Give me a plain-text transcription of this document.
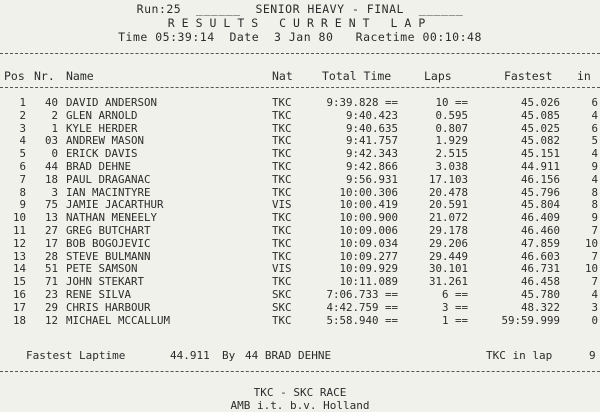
Run:25  ______  SENIOR HEAVY - FINAL  ______
RESULTS CURRENT LAP
Time 05:39:14  Date  3 Jan 80   Racetime 00:10:48
Pos Nr. Name	Nat	Total Time	Laps	Fastest in
1 40 DAVID ANDERSON	TKC	9:39.828 ==	10 ==	45.026	6
2 2 GLEN ARNOLD	TKC	9:40.423	0.595	45.085	4
3 1 KYLE HERDER	TKC	9:40.635	0.807	45.025	6
4 03 ANDREW MASON	TKC	9:41.757	1.929	45.082	5
5 0 ERICK DAVIS	TKC	9:42.343	2.515	45.151	4
6 44 BRAD DEHNE	TKC	9:42.866	3.038	44.911	9
7 18 PAUL DRAGANAC	TKC	9:56.931	17.103	46.156	4
8 3 IAN MACINTYRE	TKC	10:00.306	20.478	45.796	8
9 75 JAMIE JACARTHUR	VIS	10:00.419	20.591	45.804	8
10 13 NATHAN MENEELY	TKC	10:00.900	21.072	46.409	9
11 27 GREG BUTCHART	TKC	10:09.006	29.178	46.460	7
12 17 BOB BOGOJEVIC	TKC	10:09.034	29.206	47.859 10
13 28 STEVE BULMANN	TKC	10:09.277	29.449	46.603	7
14 51 PETE SAMSON	VIS	10:09.929	30.101	46.731 10
15 71 JOHN STEKART	TKC	10:11.089	31.261	46.458	7
16 23 RENE SILVA	SKC	7:06.733 ==	6 ==	45.780	4
17 29 CHRIS HARBOUR	SKC	4:42.759 ==	3 ==	48.322	3
18 12 MICHAEL MCCALLUM	TKC	5:58.940 ==	1 ==	59:59.999	0
Fastest Laptime	44.911 By 44 BRAD DEHNE	TKC in lap	9
TKC - SKC RACE
AMB i.t. b.v. Holland
